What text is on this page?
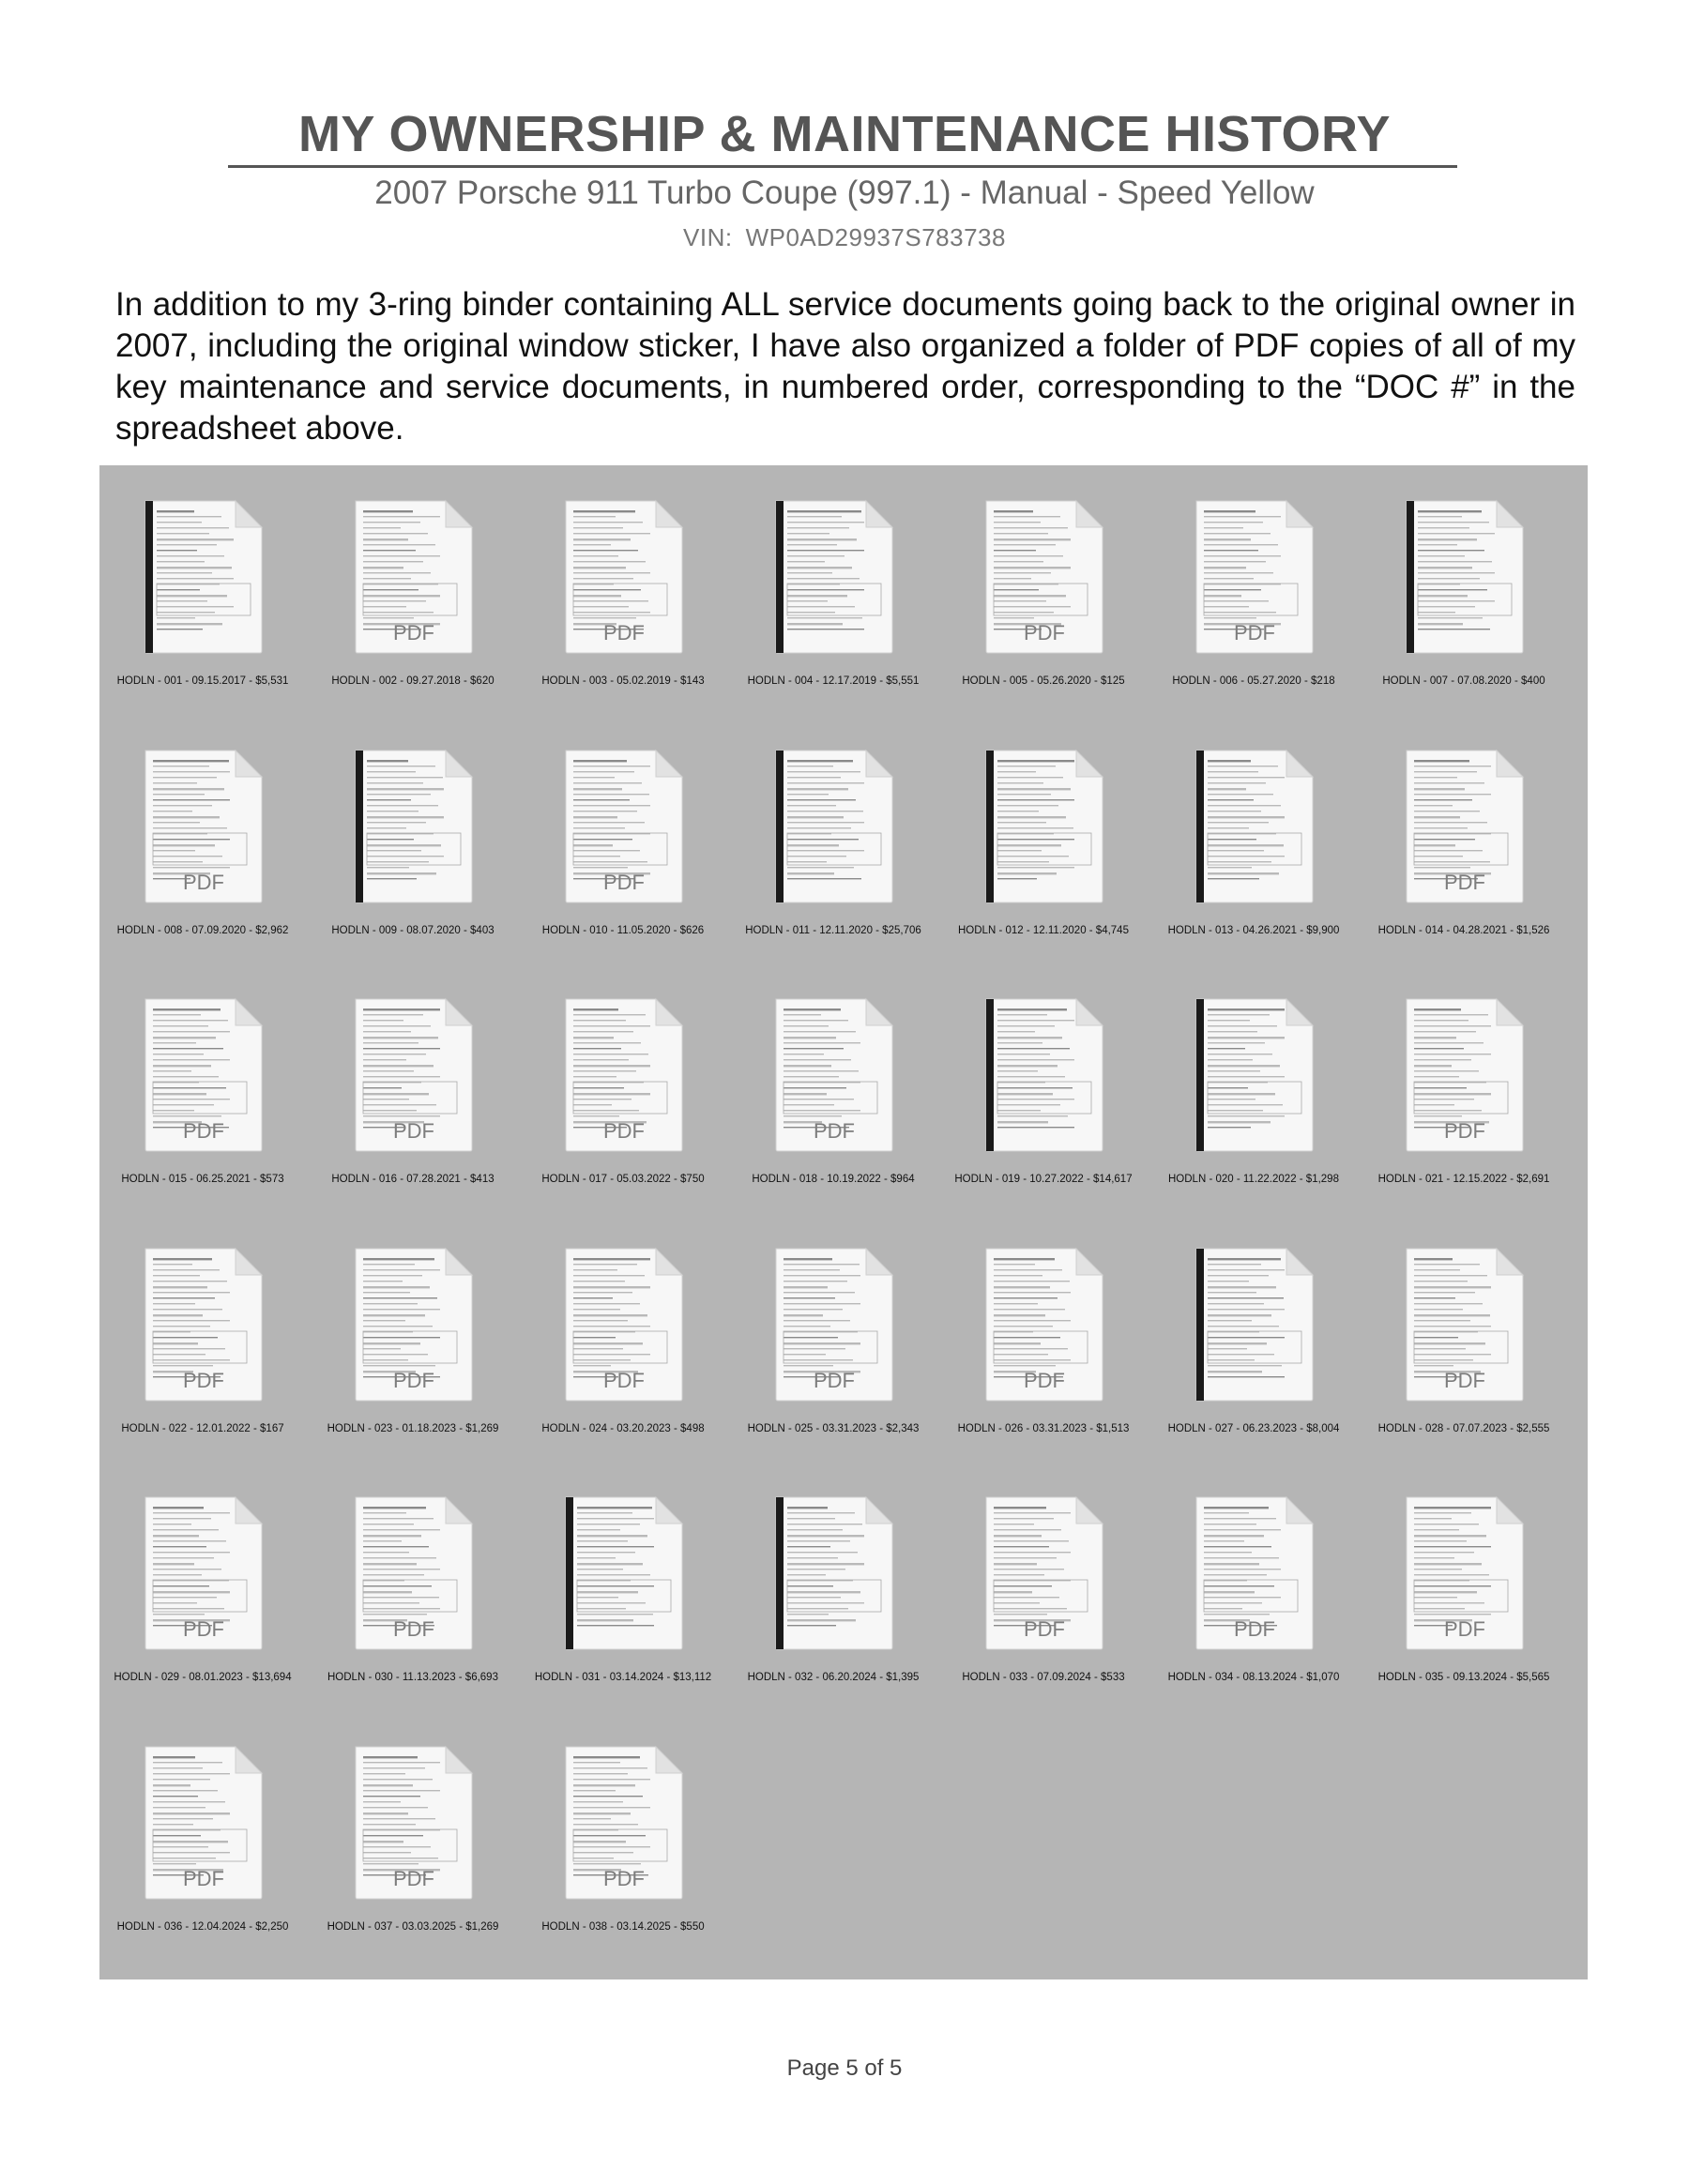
MY OWNERSHIP & MAINTENANCE HISTORY
2007 Porsche 911 Turbo Coupe (997.1) - Manual - Speed Yellow
VIN: WP0AD29937S783738
In addition to my 3-ring binder containing ALL service documents going back to the original owner in 2007, including the original window sticker, I have also organized a folder of PDF copies of all of my key maintenance and service documents, in numbered order, corresponding to the “DOC #” in the spreadsheet above.
HODLN - 001 - 09.15.2017 - $5,531
PDF
HODLN - 002 - 09.27.2018 - $620
PDF
HODLN - 003 - 05.02.2019 - $143	HODLN - 004 - 12.17.2019 - $5,551
PDF
HODLN - 005 - 05.26.2020 - $125
PDF
HODLN - 006 - 05.27.2020 - $218	HODLN - 007 - 07.08.2020 - $400
PDF
HODLN - 008 - 07.09.2020 - $2,962	HODLN - 009 - 08.07.2020 - $403
PDF
HODLN - 010 - 11.05.2020 - $626	HODLN - 011 - 12.11.2020 - $25,706	HODLN - 012 - 12.11.2020 - $4,745	HODLN - 013 - 04.26.2021 - $9,900
PDF
HODLN - 014 - 04.28.2021 - $1,526
PDF
HODLN - 015 - 06.25.2021 - $573
PDF
HODLN - 016 - 07.28.2021 - $413
PDF
HODLN - 017 - 05.03.2022 - $750
PDF
HODLN - 018 - 10.19.2022 - $964	HODLN - 019 - 10.27.2022 - $14,617	HODLN - 020 - 11.22.2022 - $1,298
PDF
HODLN - 021 - 12.15.2022 - $2,691
PDF
HODLN - 022 - 12.01.2022 - $167
PDF
HODLN - 023 - 01.18.2023 - $1,269
PDF
HODLN - 024 - 03.20.2023 - $498
PDF
HODLN - 025 - 03.31.2023 - $2,343
PDF
HODLN - 026 - 03.31.2023 - $1,513	HODLN - 027 - 06.23.2023 - $8,004
PDF
HODLN - 028 - 07.07.2023 - $2,555
PDF
HODLN - 029 - 08.01.2023 - $13,694
PDF
HODLN - 030 - 11.13.2023 - $6,693	HODLN - 031 - 03.14.2024 - $13,112	HODLN - 032 - 06.20.2024 - $1,395
PDF
HODLN - 033 - 07.09.2024 - $533
PDF
HODLN - 034 - 08.13.2024 - $1,070
PDF
HODLN - 035 - 09.13.2024 - $5,565
PDF
HODLN - 036 - 12.04.2024 - $2,250
PDF
HODLN - 037 - 03.03.2025 - $1,269
PDF
HODLN - 038 - 03.14.2025 - $550
Page 5 of 5
